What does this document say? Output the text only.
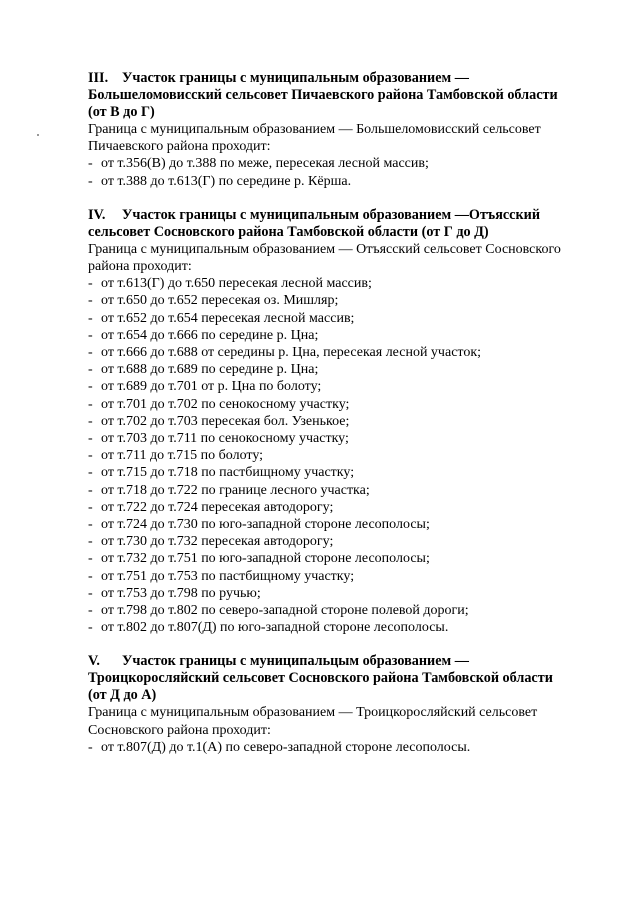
III. Участок границы с муниципальным образованием —
Большеломовисский сельсовет Пичаевского района Тамбовской области
(от В до Г)

Граница с муниципальным образованием — Большеломовисский сельсовет
Пичаевского района проходит:

- от т.356(В) до т.388 по меже, пересекая лесной массив;
- от т.388 до т.613(Г) по середине р. Кёрша.

IV. Участок границы с муниципальным образованием —Отъясский
сельсовет Сосновского района Тамбовской области (от Г до Д)

Граница с муниципальным образованием — Отъясский сельсовет Сосновского
района проходит:

- от т.613(Г) до т.650 пересекая лесной массив;
- от т.650 до т.652 пересекая оз. Мишляр;
- от т.652 до т.654 пересекая лесной массив;
- от т.654 до т.666 по середине р. Цна;
- от т.666 до т.688 от середины р. Цна, пересекая лесной участок;
- от т.688 до т.689 по середине р. Цна;
- от т.689 до т.701 от р. Цна по болоту;
- от т.701 до т.702 по сенокосному участку;
- от т.702 до т.703 пересекая бол. Узенькое;
- от т.703 до т.711 по сенокосному участку;
- от т.711 до т.715 по болоту;
- от т.715 до т.718 по пастбищному участку;
- от т.718 до т.722 по границе лесного участка;
- от т.722 до т.724 пересекая автодорогу;
- от т.724 до т.730 по юго-западной стороне лесополосы;
- от т.730 до т.732 пересекая автодорогу;
- от т.732 до т.751 по юго-западной стороне лесополосы;
- от т.751 до т.753 по пастбищному участку;
- от т.753 до т.798 по ручью;
- от т.798 до т.802 по северо-западной стороне полевой дороги;
- от т.802 до т.807(Д) по юго-западной стороне лесополосы.

V. Участок границы с муниципальцым образованием —
Троицкоросляйский сельсовет Сосновского района Тамбовской области
(от Д до А)

Граница с муниципальным образованием — Троицкоросляйский сельсовет
Сосновского района проходит:

- от т.807(Д) до т.1(А) по северо-западной стороне лесополосы.
